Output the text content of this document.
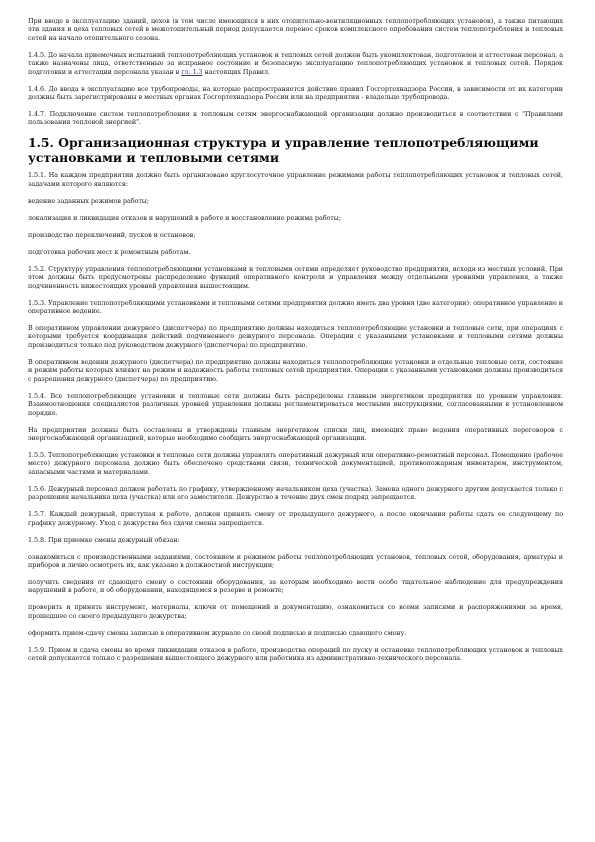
При вводе в эксплуатацию зданий, цехов (в том числе имеющихся в них отопительно-вентиляционных теплопотребляющих установок), а также питающих эти здания и цеха тепловых сетей в межотопительный период допускается перенос сроков комплексного опробования систем теплопотребления и тепловых сетей на начало отопительного сезона.

1.4.5. До начала приемочных испытаний теплопотребляющих установок и тепловых сетей должен быть укомплектован, подготовлен и аттестован персонал, а также назначены лица, ответственные за исправное состояние и безопасную эксплуатацию теплопотребляющих установок и тепловых сетей. Порядок подготовки и аттестации персонала указан в гл. 1.3 настоящих Правил.

1.4.6. До ввода в эксплуатацию все трубопроводы, на которые распространяется действие правил Госгортехнадзора России, в зависимости от их категории должны быть зарегистрированы в местных органах Госгортехнадзора России или на предприятии - владельце трубопровода.

1.4.7. Подключение систем теплопотребления к тепловым сетям энергоснабжающей организации должно производиться в соответствии с "Правилами пользования тепловой энергией".

1.5. Организационная структура и управление теплопотребляющими установками и тепловыми сетями

1.5.1. На каждом предприятии должно быть организовано круглосуточное управление режимами работы теплопотребляющих установок и тепловых сетей, задачами которого являются:

ведение заданных режимов работы;

локализация и ликвидация отказов и нарушений в работе и восстановление режима работы;

производство переключений, пусков и остановов;

подготовка рабочих мест к ремонтным работам.

1.5.2. Структуру управления теплопотребляющими установками и тепловыми сетями определяет руководство предприятия, исходя из местных условий. При этом должны быть предусмотрены распределение функций оперативного контроля и управления между отдельными уровнями управления, а также подчиненность нижестоящих уровней управления вышестоящим.

1.5.3. Управление теплопотребляющими установками и тепловыми сетями предприятия должно иметь два уровня (две категории): оперативное управление и оперативное ведение.

В оперативном управлении дежурного (диспетчера) по предприятию должны находиться теплопотребляющие установки и тепловые сети, при операциях с которыми требуется координация действий подчиненного дежурного персонала. Операции с указанными установками и тепловыми сетями должны производиться только под руководством дежурного (диспетчера) по предприятию.

В оперативном ведении дежурного (диспетчера) по предприятию должны находиться теплопотребляющие установки и отдельные тепловые сети, состояние и режим работы которых влияют на режим и надежность работы тепловых сетей предприятия. Операции с указанными установками должны производиться с разрешения дежурного (диспетчера) по предприятию.

1.5.4. Все теплопотребляющие установки и тепловые сети должны быть распределены главным энергетиком предприятия по уровням управления. Взаимоотношения специалистов различных уровней управления должны регламентироваться местными инструкциями, согласованными в установленном порядке.

На предприятии должны быть составлены и утверждены главным энергетиком списки лиц, имеющих право ведения оперативных переговоров с энергоснабжающей организацией, которые необходимо сообщить энергоснабжающей организации.

1.5.5. Теплопотребляющие установки и тепловые сети должны управлять оперативный дежурный или оперативно-ремонтный персонал. Помещение (рабочее место) дежурного персонала должно быть обеспечено средствами связи, технической документацией, противопожарным инвентарем, инструментом, запасными частями и материалами.

1.5.6. Дежурный персонал должен работать по графику, утвержденному начальником цеха (участка). Замена одного дежурного другим допускается только с разрешения начальника цеха (участка) или его заместителя. Дежурство в течение двух смен подряд запрещается.

1.5.7. Каждый дежурный, приступая к работе, должен принять смену от предыдущего дежурного, а после окончания работы сдать ее следующему по графику дежурному. Уход с дежурства без сдачи смены запрещается.

1.5.8. При приемке смены дежурный обязан:

ознакомиться с производственными заданиями, состоянием и режимом работы теплопотребляющих установок, тепловых сетей, оборудования, арматуры и приборов и лично осмотреть их, как указано в должностной инструкции;

получить сведения от сдающего смену о состоянии оборудования, за которым необходимо вести особо тщательное наблюдение для предупреждения нарушений в работе, и об оборудовании, находящемся в резерве и ремонте;

проверить и принять инструмент, материалы, ключи от помещений и документацию, ознакомиться со всеми записями и распоряжениями за время, прошедшее со своего предыдущего дежурства;

оформить прием-сдачу смены записью в оперативном журнале со своей подписью и подписью сдающего смену.

1.5.9. Прием и сдача смены во время ликвидации отказов в работе, производства операций по пуску и остановке теплопотребляющих установок и тепловых сетей допускается только с разрешения вышестоящего дежурного или работника из административно-технического персонала.
